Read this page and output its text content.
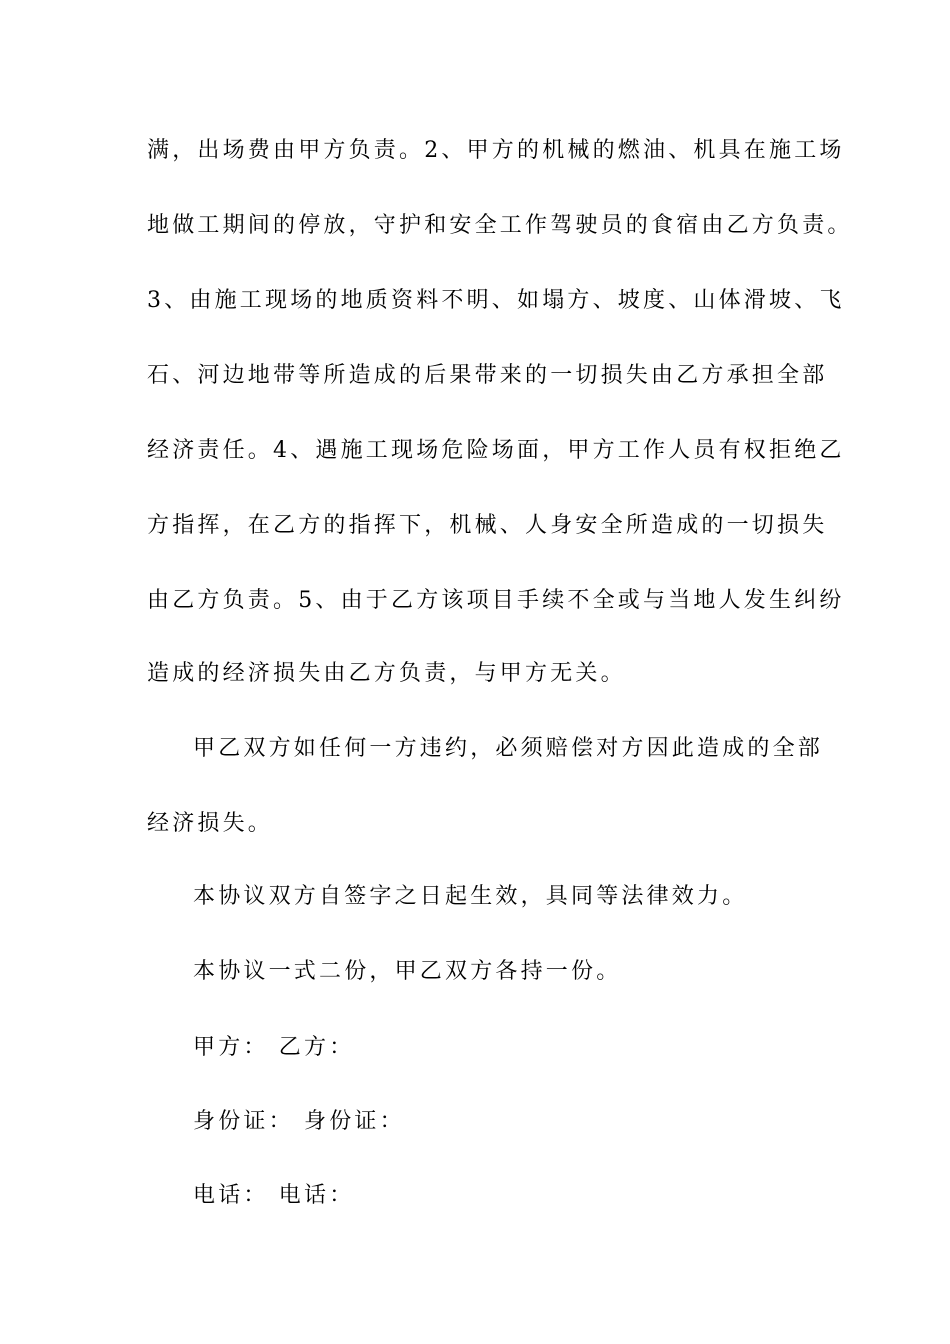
满，出场费由甲方负责。2、甲方的机械的燃油、机具在施工场
地做工期间的停放，守护和安全工作驾驶员的食宿由乙方负责。
3、由施工现场的地质资料不明、如塌方、坡度、山体滑坡、飞
石、河边地带等所造成的后果带来的一切损失由乙方承担全部
经济责任。4、遇施工现场危险场面，甲方工作人员有权拒绝乙
方指挥，在乙方的指挥下，机械、人身安全所造成的一切损失
由乙方负责。5、由于乙方该项目手续不全或与当地人发生纠纷
造成的经济损失由乙方负责，与甲方无关。
甲乙双方如任何一方违约，必须赔偿对方因此造成的全部
经济损失。
本协议双方自签字之日起生效，具同等法律效力。
本协议一式二份，甲乙双方各持一份。
甲方： 乙方：
身份证： 身份证：
电话： 电话：
